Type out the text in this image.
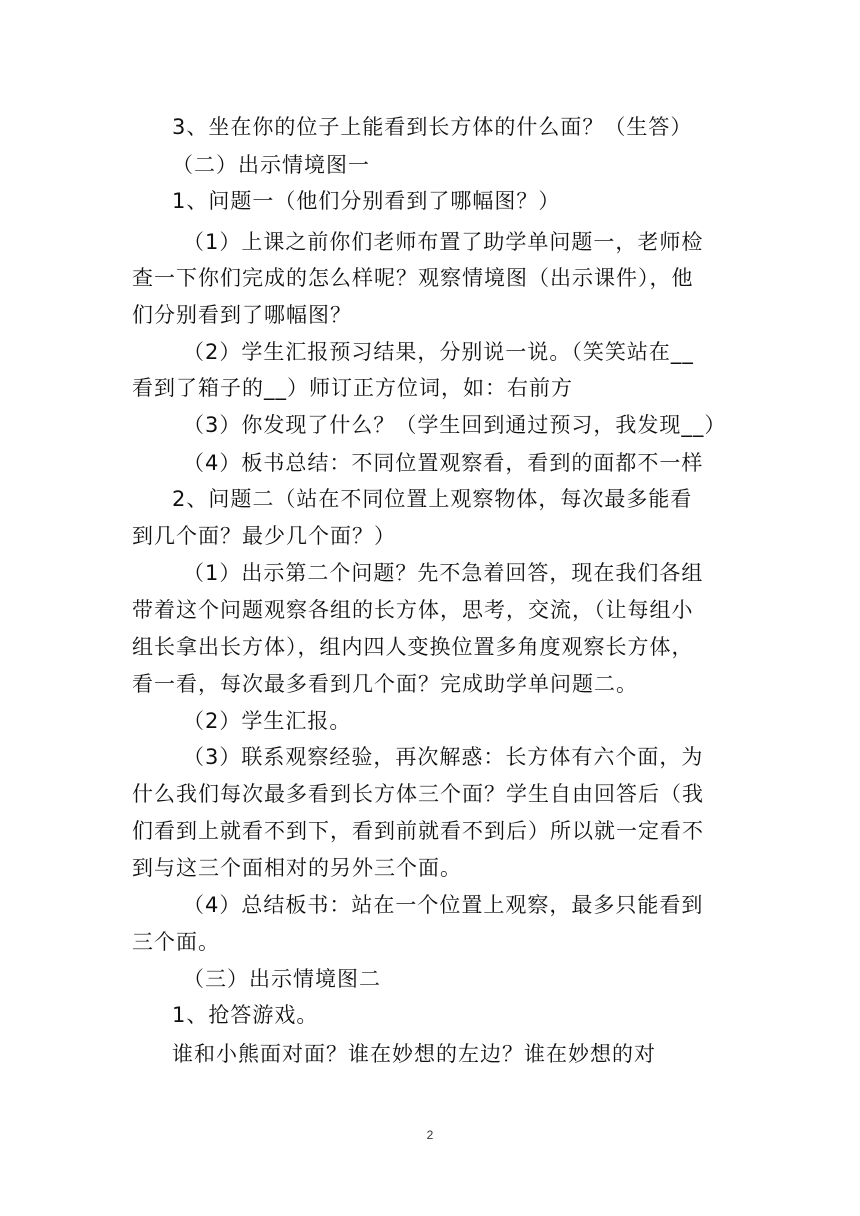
3、坐在你的位子上能看到长方体的什么面？（生答）
（二）出示情境图一
1、问题一（他们分别看到了哪幅图？）
（1）上课之前你们老师布置了助学单问题一，老师检
查一下你们完成的怎么样呢？观察情境图（出示课件），他
们分别看到了哪幅图？
（2）学生汇报预习结果，分别说一说。（笑笑站在__
看到了箱子的__）师订正方位词，如：右前方
（3）你发现了什么？（学生回到通过预习，我发现__）
（4）板书总结：不同位置观察看，看到的面都不一样
2、问题二（站在不同位置上观察物体，每次最多能看
到几个面？最少几个面？）
（1）出示第二个问题？先不急着回答，现在我们各组
带着这个问题观察各组的长方体，思考，交流，（让每组小
组长拿出长方体），组内四人变换位置多角度观察长方体，
看一看，每次最多看到几个面？完成助学单问题二。
（2）学生汇报。
（3）联系观察经验，再次解惑：长方体有六个面，为
什么我们每次最多看到长方体三个面？学生自由回答后（我
们看到上就看不到下，看到前就看不到后）所以就一定看不
到与这三个面相对的另外三个面。
（4）总结板书：站在一个位置上观察，最多只能看到
三个面。
（三）出示情境图二
1、抢答游戏。
谁和小熊面对面？谁在妙想的左边？谁在妙想的对
2
